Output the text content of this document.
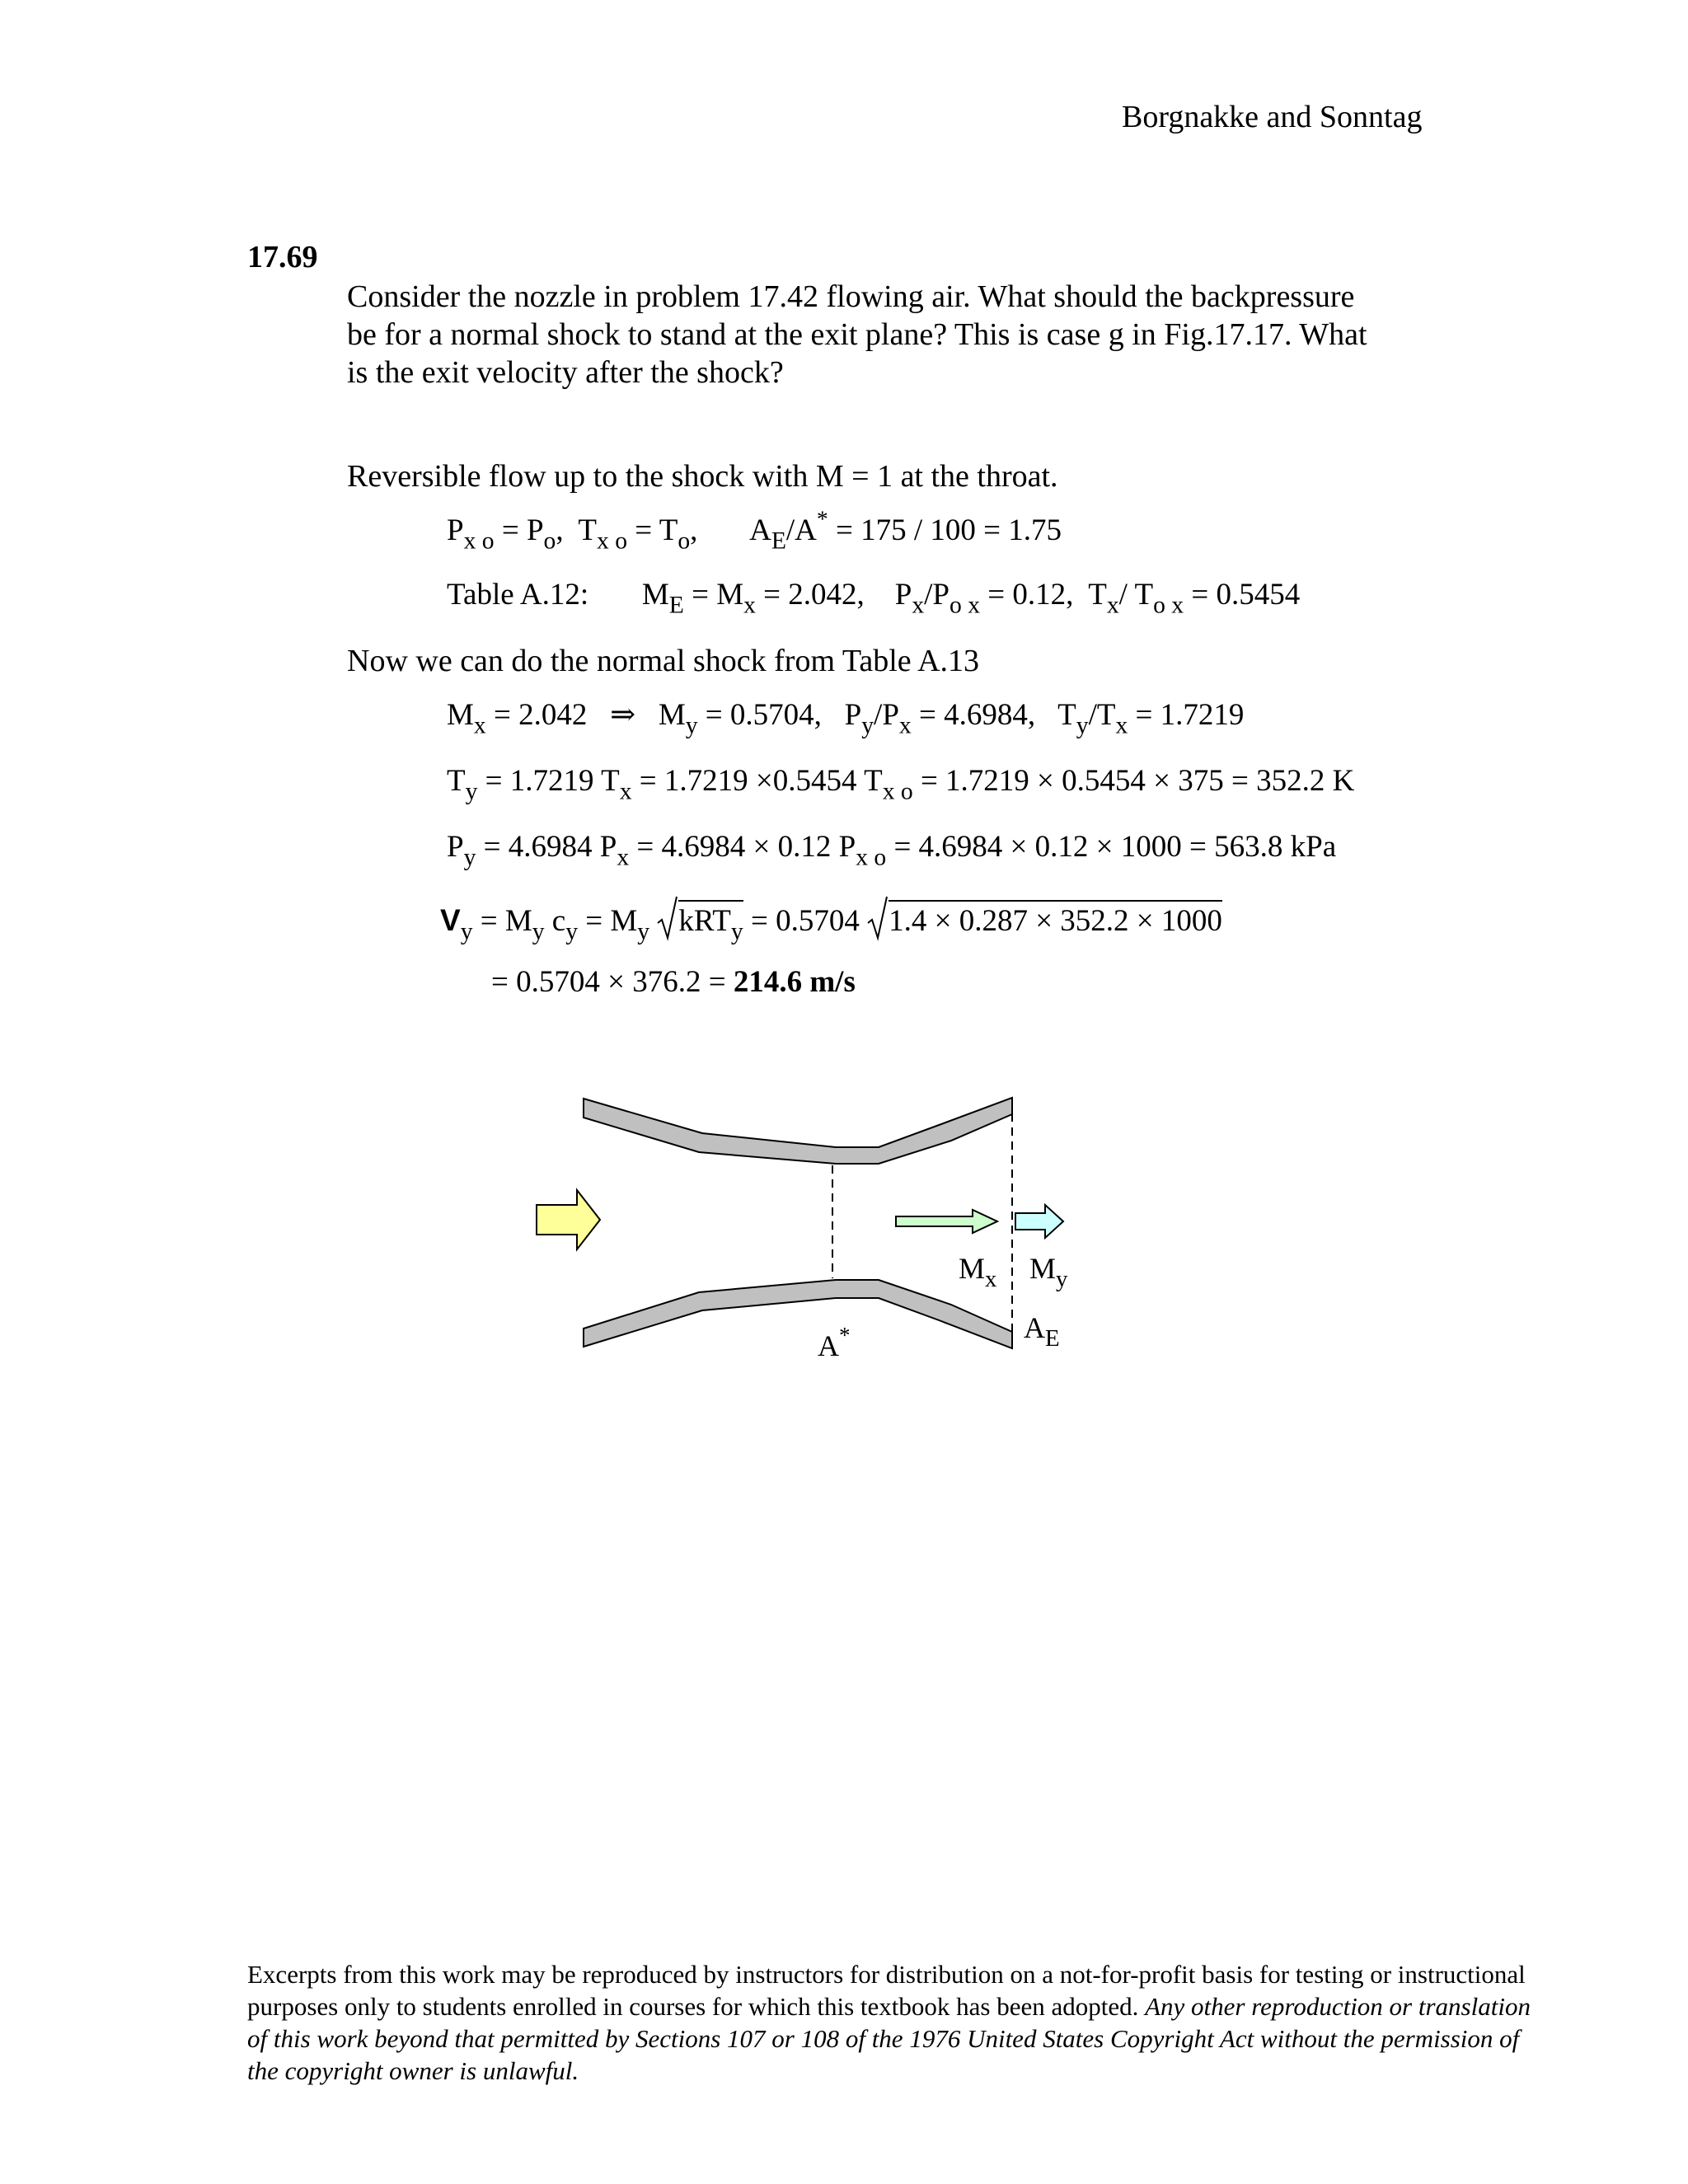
Borgnakke and Sonntag
17.69
Consider the nozzle in problem 17.42 flowing air. What should the backpressure
be for a normal shock to stand at the exit plane? This is case g in Fig.17.17. What
is the exit velocity after the shock?
Reversible flow up to the shock with M = 1 at the throat.
$P_{x o} = P_o$,  $T_{x o} = T_o$,       $A_E/A^* = 175 / 100 = 1.75$
Table A.12:       $M_E = M_x = 2.042$,    $P_x/P_{o x} = 0.12$,  $T_x/$ $T_{o x} = 0.5454$
Now we can do the normal shock from Table A.13
$M_x = 2.042$ ⇒   $M_y = 0.5704$,   $P_y/P_x = 4.6984$,   $T_y/T_x = 1.7219$
$T_y = 1.7219$ $T_x = 1.7219 \times 0.5454$ $T_{x o} = 1.7219 \times 0.5454 \times 375 = 352.2$ K
$P_y = 4.6984$ $P_x = 4.6984 \times 0.12$ $P_{x o} = 4.6984 \times 0.12 \times 1000 = 563.8$ kPa
$V_y = M_y$ $c_y = M_y$ kRT$_y$ = 0.5704 1.4 × 0.287 × 352.2 × 1000
= 0.5704 × 376.2 = 214.6 m/s
$M_x$ $M_y$
$A_E$
A*
Excerpts from this work may be reproduced by instructors for distribution on a not-for-profit basis for testing or instructional purposes only to students enrolled in courses for which this textbook has been adopted. Any other reproduction or translation of this work beyond that permitted by Sections 107 or 108 of the 1976 United States Copyright Act without the permission of the copyright owner is unlawful.
